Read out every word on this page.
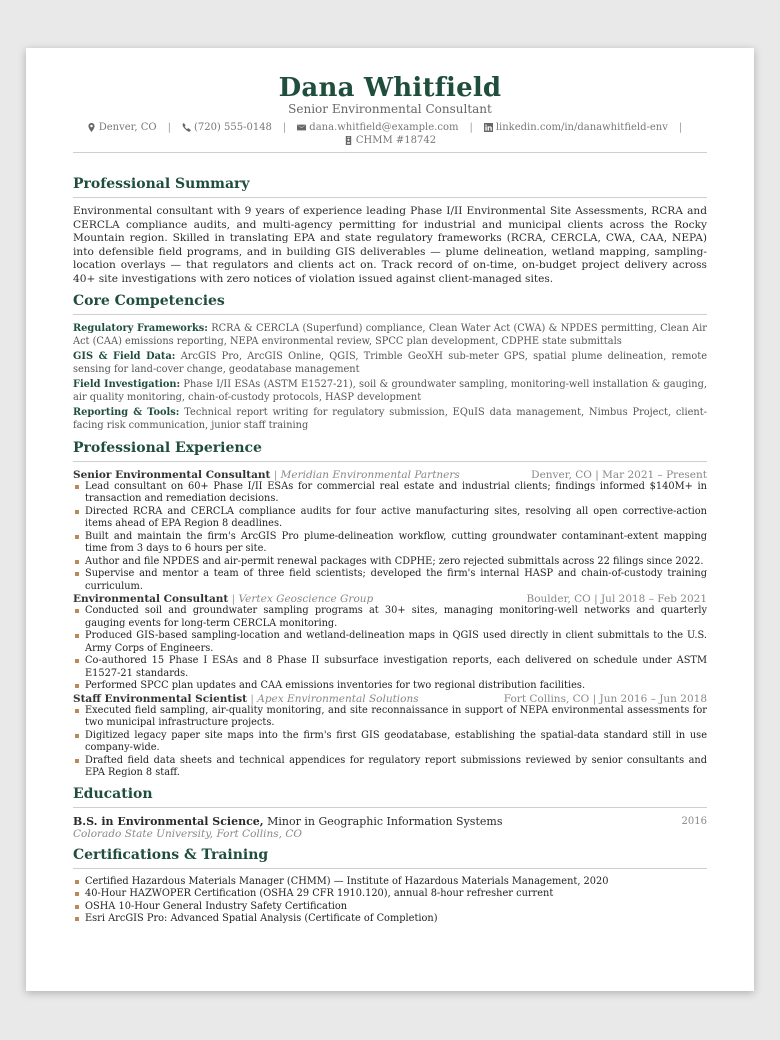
Dana Whitfield
Senior Environmental Consultant
Denver, CO | (720) 555-0148 | dana.whitfield@example.com | linkedin.com/in/danawhitfield-env |
CHMM #18742
Professional Summary

Environmental consultant with 9 years of experience leading Phase I/II Environmental Site Assessments, RCRA and CERCLA compliance audits, and multi-agency permitting for industrial and municipal clients across the Rocky Mountain region. Skilled in translating EPA and state regulatory frameworks (RCRA, CERCLA, CWA, CAA, NEPA) into defensible field programs, and in building GIS deliverables — plume delineation, wetland mapping, sampling-location overlays — that regulators and clients act on. Track record of on-time, on-budget project delivery across 40+ site investigations with zero notices of violation issued against client-managed sites.

Core Competencies

Regulatory Frameworks: RCRA & CERCLA (Superfund) compliance, Clean Water Act (CWA) & NPDES permitting, Clean Air Act (CAA) emissions reporting, NEPA environmental review, SPCC plan development, CDPHE state submittals

GIS & Field Data: ArcGIS Pro, ArcGIS Online, QGIS, Trimble GeoXH sub-meter GPS, spatial plume delineation, remote sensing for land-cover change, geodatabase management

Field Investigation: Phase I/II ESAs (ASTM E1527-21), soil & groundwater sampling, monitoring-well installation & gauging, air quality monitoring, chain-of-custody protocols, HASP development

Reporting & Tools: Technical report writing for regulatory submission, EQuIS data management, Nimbus Project, client-facing risk communication, junior staff training

Professional Experience
Senior Environmental Consultant | Meridian Environmental Partners	Denver, CO | Mar 2021 – Present
Lead consultant on 60+ Phase I/II ESAs for commercial real estate and industrial clients; findings informed $140M+ in transaction and remediation decisions.
Directed RCRA and CERCLA compliance audits for four active manufacturing sites, resolving all open corrective-action items ahead of EPA Region 8 deadlines.
Built and maintain the firm's ArcGIS Pro plume-delineation workflow, cutting groundwater contaminant-extent mapping time from 3 days to 6 hours per site.
Author and file NPDES and air-permit renewal packages with CDPHE; zero rejected submittals across 22 filings since 2022.
Supervise and mentor a team of three field scientists; developed the firm's internal HASP and chain-of-custody training curriculum.
Environmental Consultant | Vertex Geoscience Group	Boulder, CO | Jul 2018 – Feb 2021
Conducted soil and groundwater sampling programs at 30+ sites, managing monitoring-well networks and quarterly gauging events for long-term CERCLA monitoring.
Produced GIS-based sampling-location and wetland-delineation maps in QGIS used directly in client submittals to the U.S. Army Corps of Engineers.
Co-authored 15 Phase I ESAs and 8 Phase II subsurface investigation reports, each delivered on schedule under ASTM E1527-21 standards.
Performed SPCC plan updates and CAA emissions inventories for two regional distribution facilities.
Staff Environmental Scientist | Apex Environmental Solutions	Fort Collins, CO | Jun 2016 – Jun 2018
Executed field sampling, air-quality monitoring, and site reconnaissance in support of NEPA environmental assessments for two municipal infrastructure projects.
Digitized legacy paper site maps into the firm's first GIS geodatabase, establishing the spatial-data standard still in use company-wide.
Drafted field data sheets and technical appendices for regulatory report submissions reviewed by senior consultants and EPA Region 8 staff.
Education
B.S. in Environmental Science, Minor in Geographic Information Systems	2016
Colorado State University, Fort Collins, CO
Certifications & Training
Certified Hazardous Materials Manager (CHMM) — Institute of Hazardous Materials Management, 2020
40-Hour HAZWOPER Certification (OSHA 29 CFR 1910.120), annual 8-hour refresher current
OSHA 10-Hour General Industry Safety Certification
Esri ArcGIS Pro: Advanced Spatial Analysis (Certificate of Completion)
